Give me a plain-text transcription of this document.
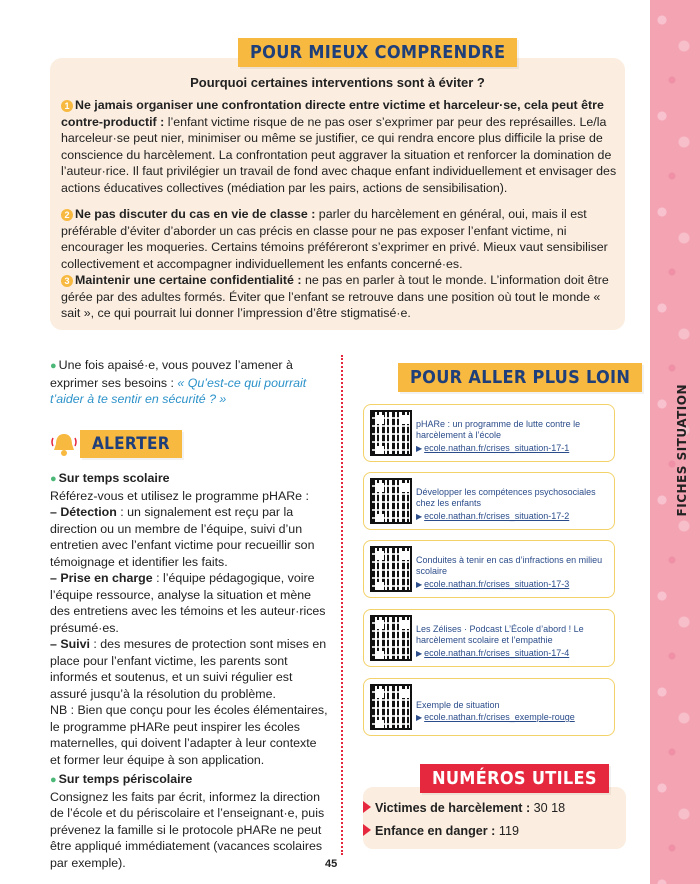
FICHES SITUATION
POUR MIEUX COMPRENDRE
Pourquoi certaines interventions sont à éviter ?
1 Ne jamais organiser une confrontation directe entre victime et harceleur·se, cela peut être contre-productif : l’enfant victime risque de ne pas oser s’exprimer par peur des représailles. Le/la harceleur·se peut nier, minimiser ou même se justifier, ce qui rendra encore plus difficile la prise de conscience du harcèlement. La confrontation peut aggraver la situation et renforcer la domination de l’auteur·rice. Il faut privilégier un travail de fond avec chaque enfant individuellement et envisager des actions éducatives collectives (médiation par les pairs, actions de sensibilisation).
2 Ne pas discuter du cas en vie de classe : parler du harcèlement en général, oui, mais il est préférable d’éviter d’aborder un cas précis en classe pour ne pas exposer l’enfant victime, ni encourager les moqueries. Certains témoins préféreront s’exprimer en privé. Mieux vaut sensibiliser collectivement et accompagner individuellement les enfants concerné·es.
3 Maintenir une certaine confidentialité : ne pas en parler à tout le monde. L’information doit être gérée par des adultes formés. Éviter que l’enfant se retrouve dans une position où tout le monde « sait », ce qui pourrait lui donner l’impression d’être stigmatisé·e.
● Une fois apaisé·e, vous pouvez l’amener à exprimer ses besoins : « Qu’est-ce qui pourrait t’aider à te sentir en sécurité ? »
ALERTER
● Sur temps scolaire
Référez-vous et utilisez le programme pHARe :
– Détection : un signalement est reçu par la direction ou un membre de l’équipe, suivi d’un entretien avec l’enfant victime pour recueillir son témoignage et identifier les faits.
– Prise en charge : l’équipe pédagogique, voire l’équipe ressource, analyse la situation et mène des entretiens avec les témoins et les auteur·rices présumé·es.
– Suivi : des mesures de protection sont mises en place pour l’enfant victime, les parents sont informés et soutenus, et un suivi régulier est assuré jusqu’à la résolution du problème.
NB : Bien que conçu pour les écoles élémentaires, le programme pHARe peut inspirer les écoles maternelles, qui doivent l’adapter à leur contexte et former leur équipe à son application.
● Sur temps périscolaire
Consignez les faits par écrit, informez la direction de l’école et du périscolaire et l’enseignant·e, puis prévenez la famille si le protocole pHARe ne peut être appliqué immédiatement (vacances scolaires par exemple).
POUR ALLER PLUS LOIN
pHARe : un programme de lutte contre le harcèlement à l’école
▶ ecole.nathan.fr/crises_situation-17-1
Développer les compétences psychosociales chez les enfants
▶ ecole.nathan.fr/crises_situation-17-2
Conduites à tenir en cas d’infractions en milieu scolaire
▶ ecole.nathan.fr/crises_situation-17-3
Les Zélises · Podcast L’École d’abord ! Le harcèlement scolaire et l’empathie
▶ ecole.nathan.fr/crises_situation-17-4
Exemple de situation
▶ ecole.nathan.fr/crises_exemple-rouge
NUMÉROS UTILES
Victimes de harcèlement : 30 18
Enfance en danger : 119
45
